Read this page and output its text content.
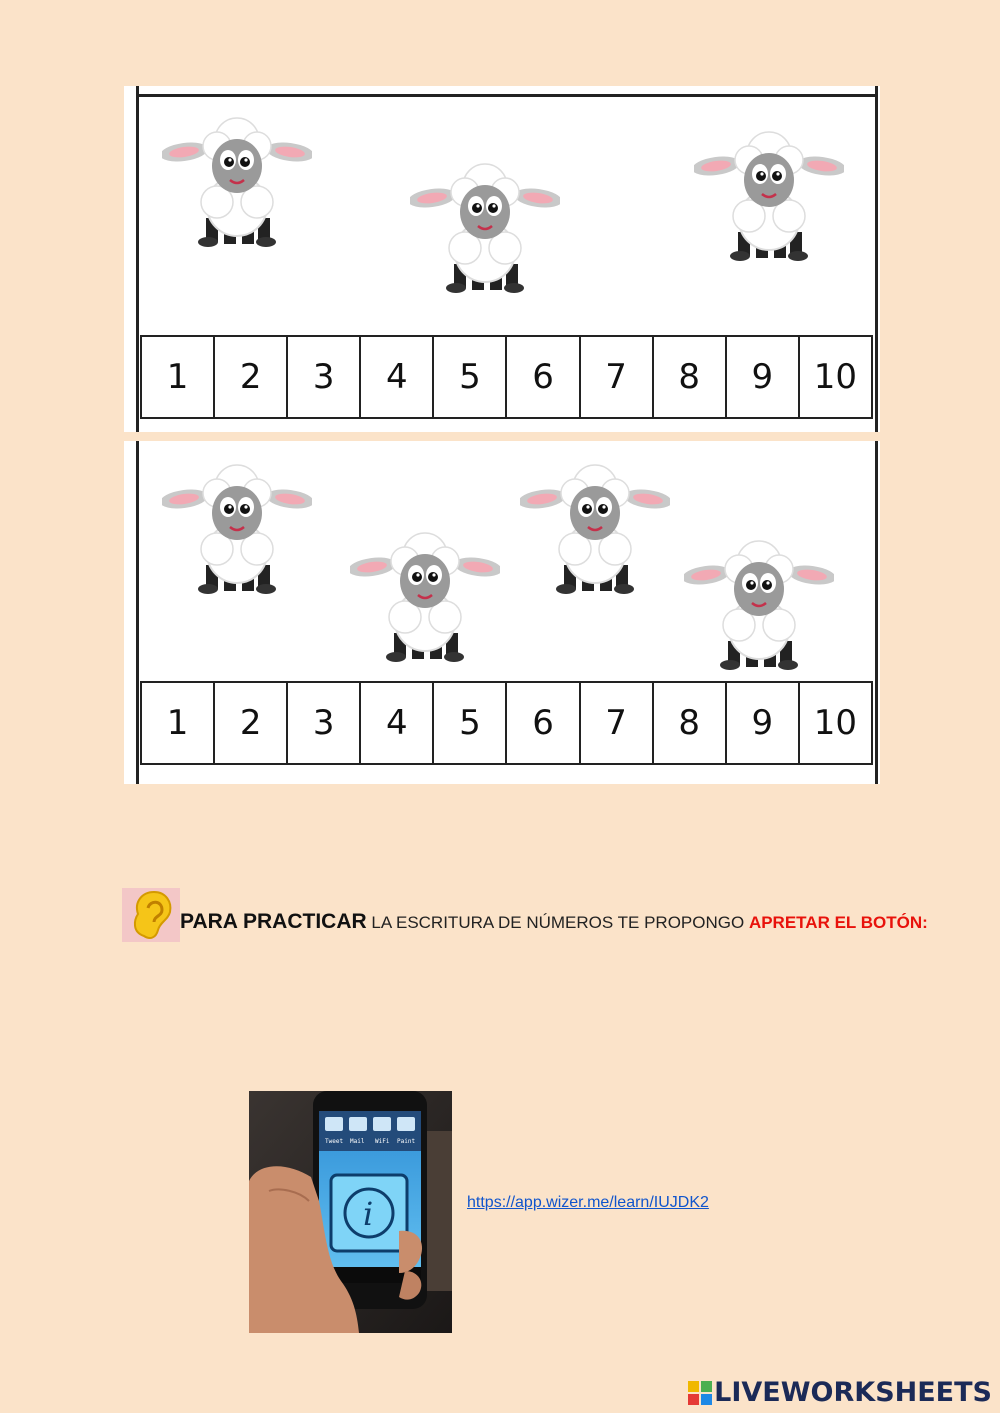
1	2	3	4	5	6	7	8	9	10
1	2	3	4	5	6	7	8	9	10
PARA PRACTICAR LA ESCRITURA DE NÚMEROS TE PROPONGO APRETAR EL BOTÓN:
Tweet Mail WiFi Paint
i	https://app.wizer.me/learn/IUJDK2
LIVEWORKSHEETS
